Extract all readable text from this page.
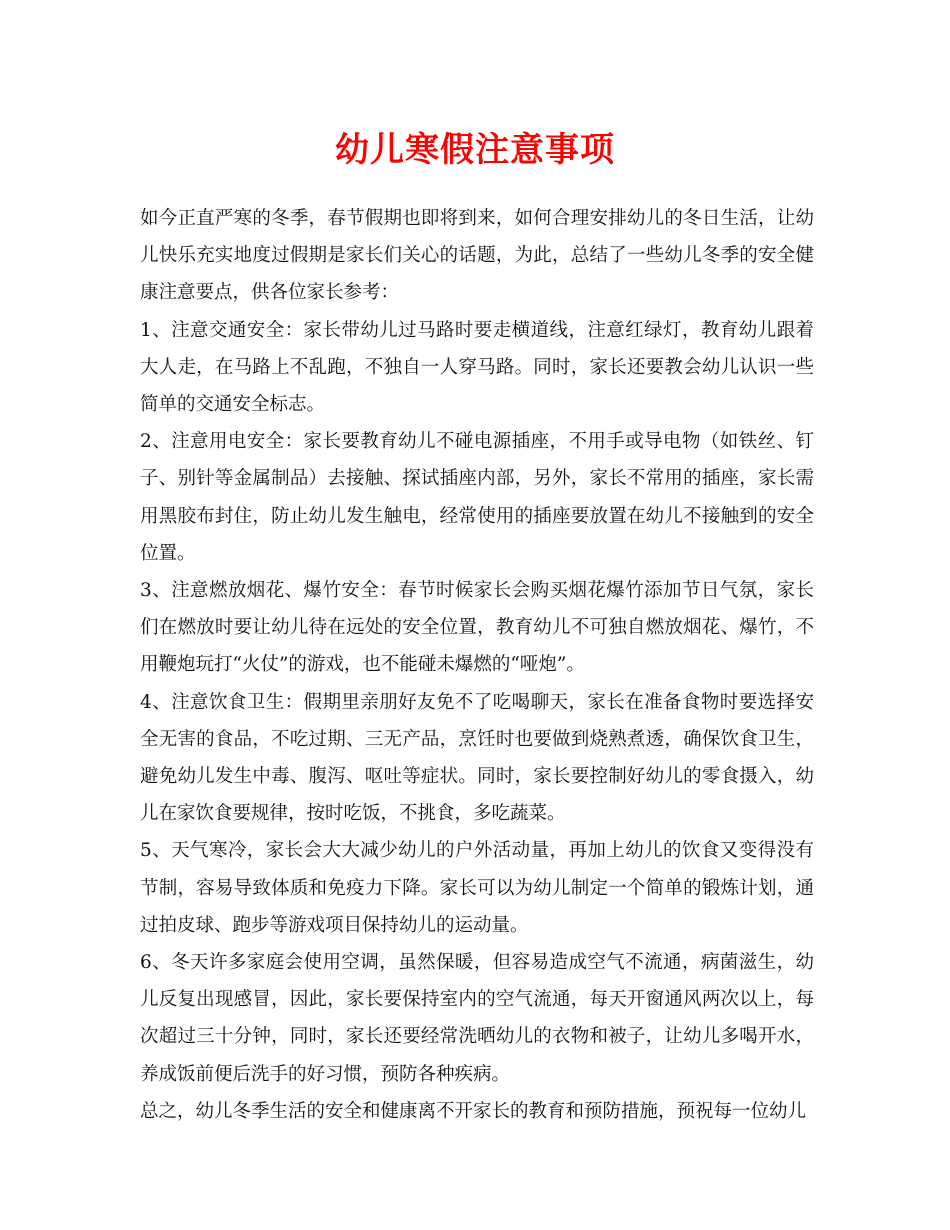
幼儿寒假注意事项

如今正直严寒的冬季，春节假期也即将到来，如何合理安排幼儿的冬日生活，让幼儿快乐充实地度过假期是家长们关心的话题，为此，总结了一些幼儿冬季的安全健康注意要点，供各位家长参考：

1、注意交通安全：家长带幼儿过马路时要走横道线，注意红绿灯，教育幼儿跟着大人走，在马路上不乱跑，不独自一人穿马路。同时，家长还要教会幼儿认识一些简单的交通安全标志。

2、注意用电安全：家长要教育幼儿不碰电源插座，不用手或导电物（如铁丝、钉子、别针等金属制品）去接触、探试插座内部，另外，家长不常用的插座，家长需用黑胶布封住，防止幼儿发生触电，经常使用的插座要放置在幼儿不接触到的安全位置。

3、注意燃放烟花、爆竹安全：春节时候家长会购买烟花爆竹添加节日气氛，家长们在燃放时要让幼儿待在远处的安全位置，教育幼儿不可独自燃放烟花、爆竹，不用鞭炮玩打“火仗”的游戏，也不能碰未爆燃的“哑炮”。

4、注意饮食卫生：假期里亲朋好友免不了吃喝聊天，家长在准备食物时要选择安全无害的食品，不吃过期、三无产品，烹饪时也要做到烧熟煮透，确保饮食卫生，避免幼儿发生中毒、腹泻、呕吐等症状。同时，家长要控制好幼儿的零食摄入，幼儿在家饮食要规律，按时吃饭，不挑食，多吃蔬菜。

5、天气寒冷，家长会大大减少幼儿的户外活动量，再加上幼儿的饮食又变得没有节制，容易导致体质和免疫力下降。家长可以为幼儿制定一个简单的锻炼计划，通过拍皮球、跑步等游戏项目保持幼儿的运动量。

6、冬天许多家庭会使用空调，虽然保暖，但容易造成空气不流通，病菌滋生，幼儿反复出现感冒，因此，家长要保持室内的空气流通，每天开窗通风两次以上，每次超过三十分钟，同时，家长还要经常洗晒幼儿的衣物和被子，让幼儿多喝开水，养成饭前便后洗手的好习惯，预防各种疾病。

总之，幼儿冬季生活的安全和健康离不开家长的教育和预防措施，预祝每一位幼儿
